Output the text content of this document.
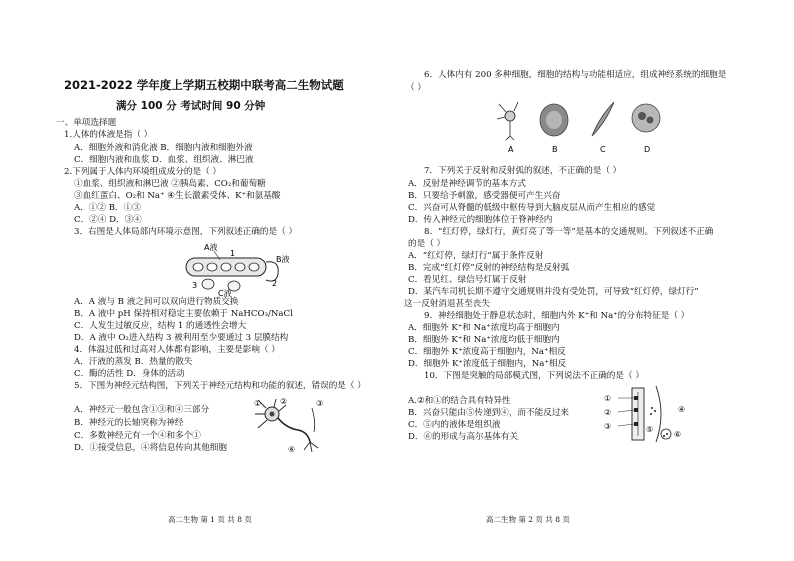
2021-2022 学年度上学期五校期中联考高二生物试题
满分 100 分 考试时间 90 分钟
一、单项选择题
1.人体的体液是指（ ）
A．细胞外液和消化液 B．细胞内液和细胞外液
C．细胞内液和血浆 D．血浆、组织液、淋巴液
2.下列属于人体内环境组成成分的是（ ）
①血浆、组织液和淋巴液 ②胰岛素、CO₂和葡萄糖
③血红蛋白、O₂和 Na⁺ ④生长激素受体、K⁺和氨基酸
A．①② B．①③
C．②④ D．③④
3．右图是人体局部内环境示意图，下列叙述正确的是（ ）
A液
B液
C液
1
2
3
A．A 液与 B 液之间可以双向进行物质交换
B．A 液中 pH 保持相对稳定主要依赖于 NaHCO₃/NaCl
C．人发生过敏反应，结构 1 的通透性会增大
D．A 液中 O₂进入结构 3 被利用至少要通过 3 层膜结构
4．体温过低和过高对人体都有影响，主要是影响（ ）
A．汗液的蒸发 B．热量的散失
C．酶的活性 D．身体的活动
5．下图为神经元结构图，下列关于神经元结构和功能的叙述，错误的是（ ）
A．神经元一般包含①③和④三部分
B．神经元的长轴突称为神经
C．多数神经元有一个④和多个①
D．①接受信息，④将信息传向其他细胞
① ②	③
④
高二生物 第 1 页 共 8 页
6．人体内有 200 多种细胞，细胞的结构与功能相适应，组成神经系统的细胞是
（ ）
A	B	C	D
7．下列关于反射和反射弧的叙述，不正确的是（ ）
A．反射是神经调节的基本方式
B．只要给予刺激，感受器便可产生兴奋
C．兴奋可从脊髓的低级中枢传导到大脑皮层从而产生相应的感觉
D．传入神经元的细胞体位于脊神经内
8．“红灯停，绿灯行，黄灯亮了等一等”是基本的交通规则。下列叙述不正确
的是（ ）
A．“红灯停，绿灯行”属于条件反射
B．完成“红灯停”反射的神经结构是反射弧
C．看见红、绿信号灯属于反射
D．某汽车司机长期不遵守交通规则并没有受处罚，可导致“红灯停，绿灯行”
这一反射消退甚至丧失
9．神经细胞处于静息状态时，细胞内外 K⁺和 Na⁺的分布特征是（ ）
A．细胞外 K⁺和 Na⁺浓度均高于细胞内
B．细胞外 K⁺和 Na⁺浓度均低于细胞内
C．细胞外 K⁺浓度高于细胞内，Na⁺相反
D．细胞外 K⁺浓度低于细胞内，Na⁺相反
10．下图是突触的局部模式图，下列说法不正确的是（ ）
A.②和①的结合具有特异性
B．兴奋只能由⑤传递到④，而不能反过来
C．⑤内的液体是组织液
D．⑥的形成与高尔基体有关
①
②
③
④
⑤
⑥
高二生物 第 2 页 共 8 页
